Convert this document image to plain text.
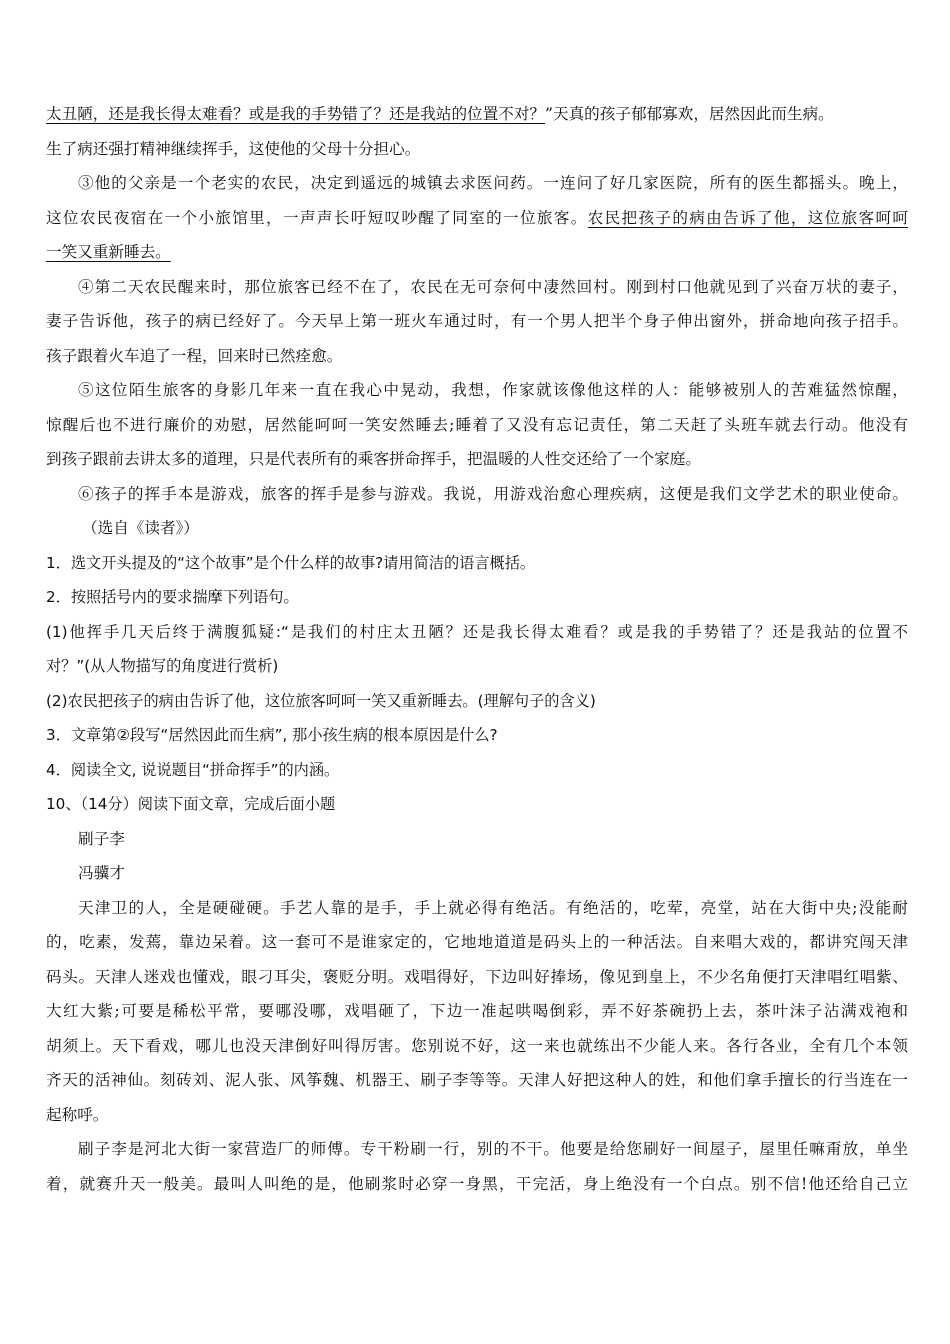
太丑陋，还是我长得太难看？或是我的手势错了？还是我站的位置不对？”天真的孩子郁郁寡欢，居然因此而生病。
生了病还强打精神继续挥手，这使他的父母十分担心。
③他的父亲是一个老实的农民，决定到遥远的城镇去求医问药。一连问了好几家医院，所有的医生都摇头。晚上，
这位农民夜宿在一个小旅馆里，一声声长吁短叹吵醒了同室的一位旅客。农民把孩子的病由告诉了他，这位旅客呵呵
一笑又重新睡去。
④第二天农民醒来时，那位旅客已经不在了，农民在无可奈何中凄然回村。刚到村口他就见到了兴奋万状的妻子，
妻子告诉他，孩子的病已经好了。今天早上第一班火车通过时，有一个男人把半个身子伸出窗外，拼命地向孩子招手。
孩子跟着火车追了一程，回来时已然痊愈。
⑤这位陌生旅客的身影几年来一直在我心中晃动，我想，作家就该像他这样的人：能够被别人的苦难猛然惊醒，
惊醒后也不进行廉价的劝慰，居然能呵呵一笑安然睡去;睡着了又没有忘记责任，第二天赶了头班车就去行动。他没有
到孩子跟前去讲太多的道理，只是代表所有的乘客拼命挥手，把温暖的人性交还给了一个家庭。
⑥孩子的挥手本是游戏，旅客的挥手是参与游戏。我说，用游戏治愈心理疾病，这便是我们文学艺术的职业使命。
（选自《读者》）
1．选文开头提及的“这个故事”是个什么样的故事?请用简洁的语言概括。
2．按照括号内的要求揣摩下列语句。
(1)他挥手几天后终于满腹狐疑:“是我们的村庄太丑陋？还是我长得太难看？或是我的手势错了？还是我站的位置不
对？”(从人物描写的角度进行赏析)
(2)农民把孩子的病由告诉了他，这位旅客呵呵一笑又重新睡去。(理解句子的含义)
3．文章第②段写“居然因此而生病”, 那小孩生病的根本原因是什么?
4．阅读全文, 说说题目“拼命挥手”的内涵。
10、（14分）阅读下面文章，完成后面小题
刷子李
冯骥才
天津卫的人，全是硬碰硬。手艺人靠的是手，手上就必得有绝活。有绝活的，吃荤，亮堂，站在大街中央;没能耐
的，吃素，发蔫，靠边呆着。这一套可不是谁家定的，它地地道道是码头上的一种活法。自来唱大戏的，都讲究闯天津
码头。天津人迷戏也懂戏，眼刁耳尖，褒贬分明。戏唱得好，下边叫好捧场，像见到皇上，不少名角便打天津唱红唱紫、
大红大紫;可要是稀松平常，要哪没哪，戏唱砸了，下边一准起哄喝倒彩，弄不好茶碗扔上去，茶叶沫子沾满戏袍和
胡须上。天下看戏，哪儿也没天津倒好叫得厉害。您别说不好，这一来也就练出不少能人来。各行各业，全有几个本领
齐天的活神仙。刻砖刘、泥人张、风筝魏、机器王、刷子李等等。天津人好把这种人的姓，和他们拿手擅长的行当连在一
起称呼。
刷子李是河北大街一家营造厂的师傅。专干粉刷一行，别的不干。他要是给您刷好一间屋子，屋里任嘛甭放，单坐
着，就赛升天一般美。最叫人叫绝的是，他刷浆时必穿一身黑，干完活，身上绝没有一个白点。别不信!他还给自己立
